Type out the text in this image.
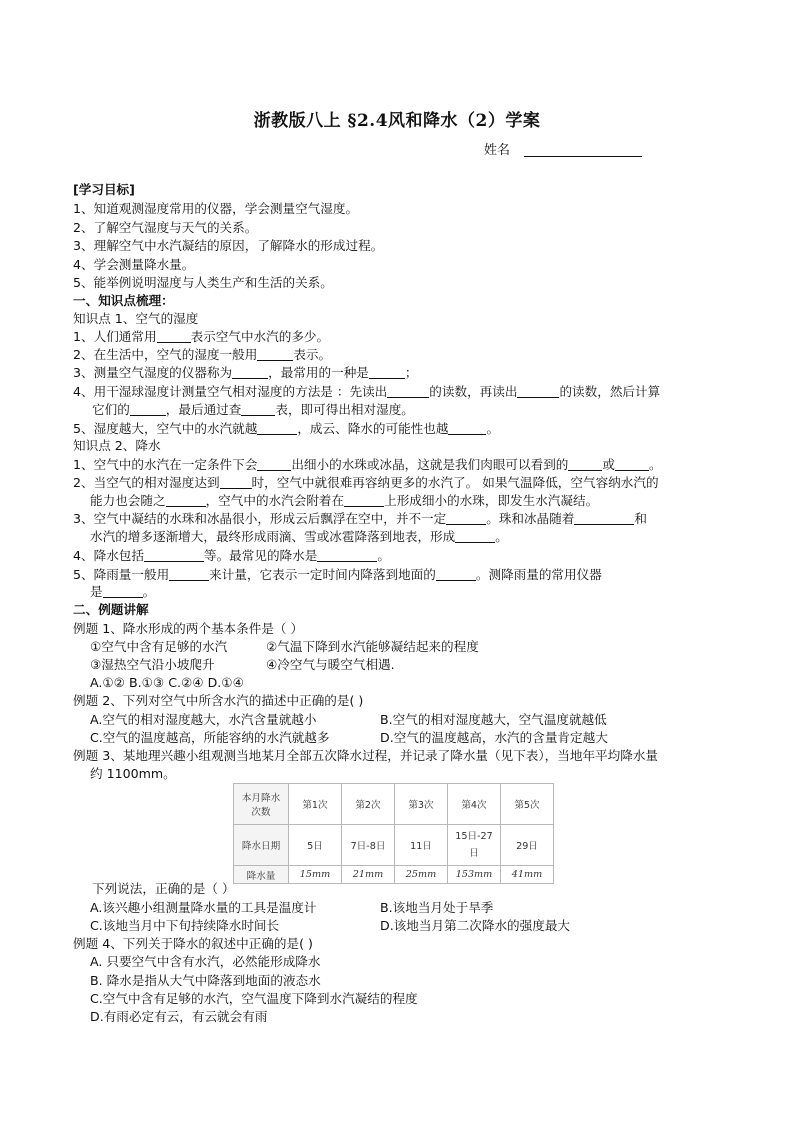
浙教版八上 §2.4风和降水（2）学案
姓名
[学习目标]
1、知道观测湿度常用的仪器，学会测量空气湿度。
2、了解空气湿度与天气的关系。
3、理解空气中水汽凝结的原因，了解降水的形成过程。
4、学会测量降水量。
5、能举例说明湿度与人类生产和生活的关系。
一、知识点梳理：
知识点 1、空气的湿度
1、人们通常用	表示空气中水汽的多少。
2、在生活中，空气的湿度一般用	表示。
3、测量空气湿度的仪器称为	，最常用的一种是	；
4、用干湿球湿度计测量空气相对湿度的方法是 ：先读出	的读数，再读出	的读数，然后计算
它们的	，最后通过查	表，即可得出相对湿度。
5、湿度越大，空气中的水汽就越	，成云、降水的可能性也越	。
知识点 2、降水
1、空气中的水汽在一定条件下会	出细小的水珠或冰晶，这就是我们肉眼可以看到的	或	。
2、当空气的相对湿度达到	时，空气中就很难再容纳更多的水汽了。 如果气温降低，空气容纳水汽的
能力也会随之	，空气中的水汽会附着在	上形成细小的水珠，即发生水汽凝结。
3、空气中凝结的水珠和冰晶很小，形成云后飘浮在空中，并不一定	。珠和冰晶随着	和
水汽的增多逐渐增大，最终形成雨滴、雪或冰雹降落到地表，形成	。
4、降水包括	等。最常见的降水是	。
5、降雨量一般用	来计量，它表示一定时间内降落到地面的	。测降雨量的常用仪器
是	。
二、例题讲解
例题 1、降水形成的两个基本条件是（ ）
①空气中含有足够的水汽	②气温下降到水汽能够凝结起来的程度
③湿热空气沿小坡爬升	④冷空气与暖空气相遇.
A.①② B.①③ C.②④ D.①④
例题 2、下列对空气中所含水汽的描述中正确的是( )
A.空气的相对湿度越大，水汽含量就越小	B.空气的相对湿度越大，空气温度就越低
C.空气的温度越高，所能容纳的水汽就越多	D.空气的温度越高，水汽的含量肯定越大
例题 3、某地理兴趣小组观测当地某月全部五次降水过程，并记录了降水量（见下表），当地年平均降水量
约 1100mm。
本月降水
次数	第1次	第2次	第3次	第4次	第5次
降水日期	5日	7日-8日	11日	15日-27日	29日
降水量	15mm	21mm	25mm	153mm	41mm
下列说法，正确的是（ ）
A.该兴趣小组测量降水量的工具是温度计	B.该地当月处于旱季
C.该地当月中下旬持续降水时间长	D.该地当月第二次降水的强度最大
例题 4、下列关于降水的叙述中正确的是( )
A. 只要空气中含有水汽，必然能形成降水
B. 降水是指从大气中降落到地面的液态水
C.空气中含有足够的水汽，空气温度下降到水汽凝结的程度
D.有雨必定有云，有云就会有雨
